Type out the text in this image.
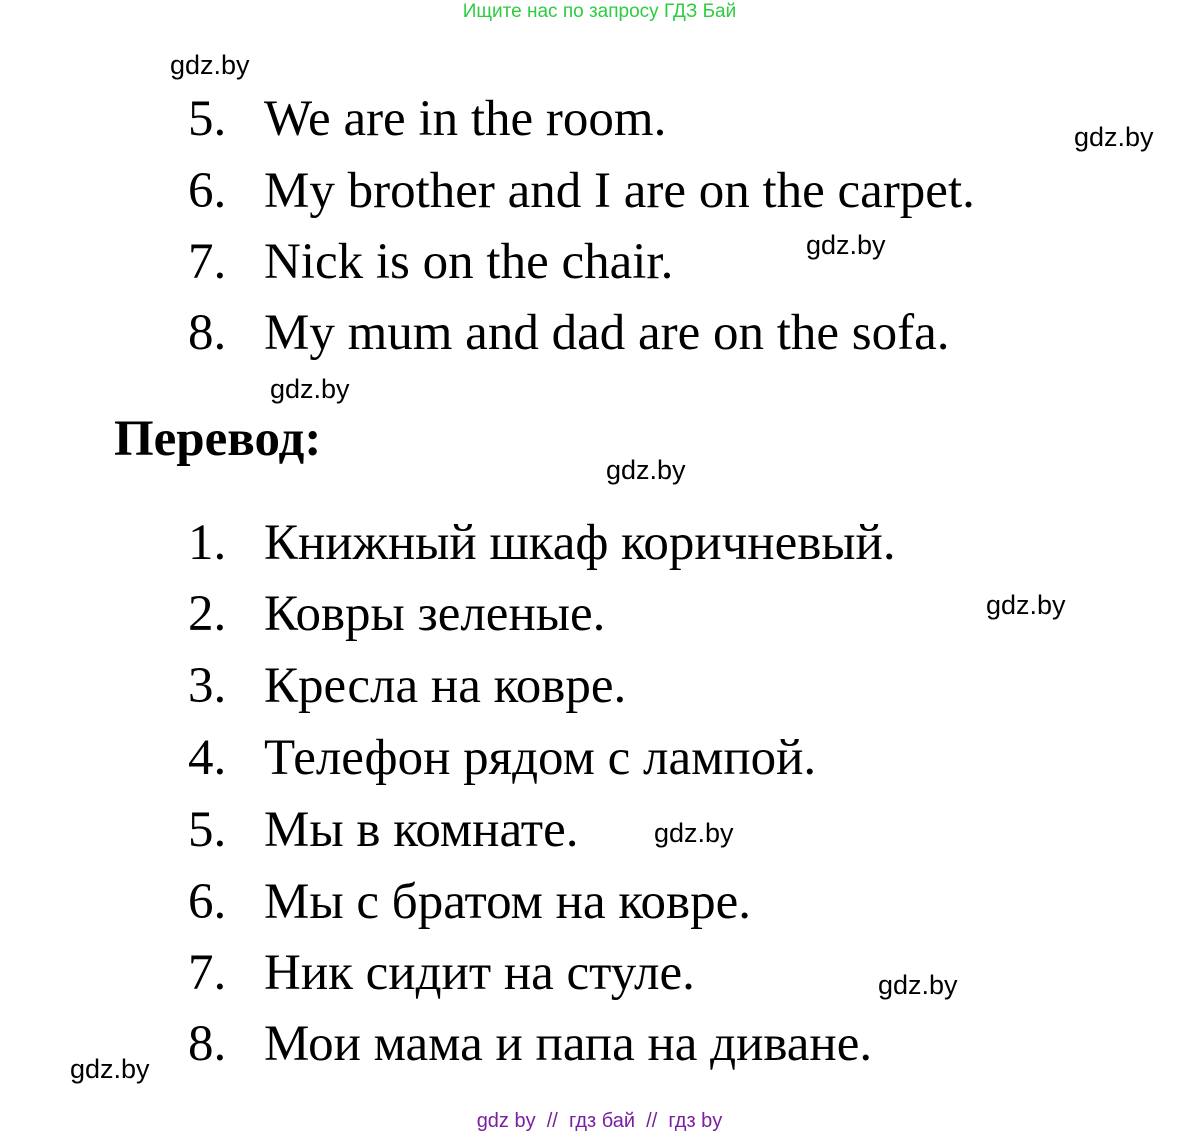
Ищите нас по запросу ГДЗ Бай
gdz.by
gdz.by
gdz.by
gdz.by
gdz.by
gdz.by
gdz.by
gdz.by
gdz.by
5. We are in the room.
6. My brother and I are on the carpet.
7. Nick is on the chair.
8. My mum and dad are on the sofa.
Перевод:
1. Книжный шкаф коричневый.
2. Ковры зеленые.
3. Кресла на ковре.
4. Телефон рядом с лампой.
5. Мы в комнате.
6. Мы с братом на ковре.
7. Ник сидит на стуле.
8. Мои мама и папа на диване.
gdz by  //  гдз бай  //  гдз by
